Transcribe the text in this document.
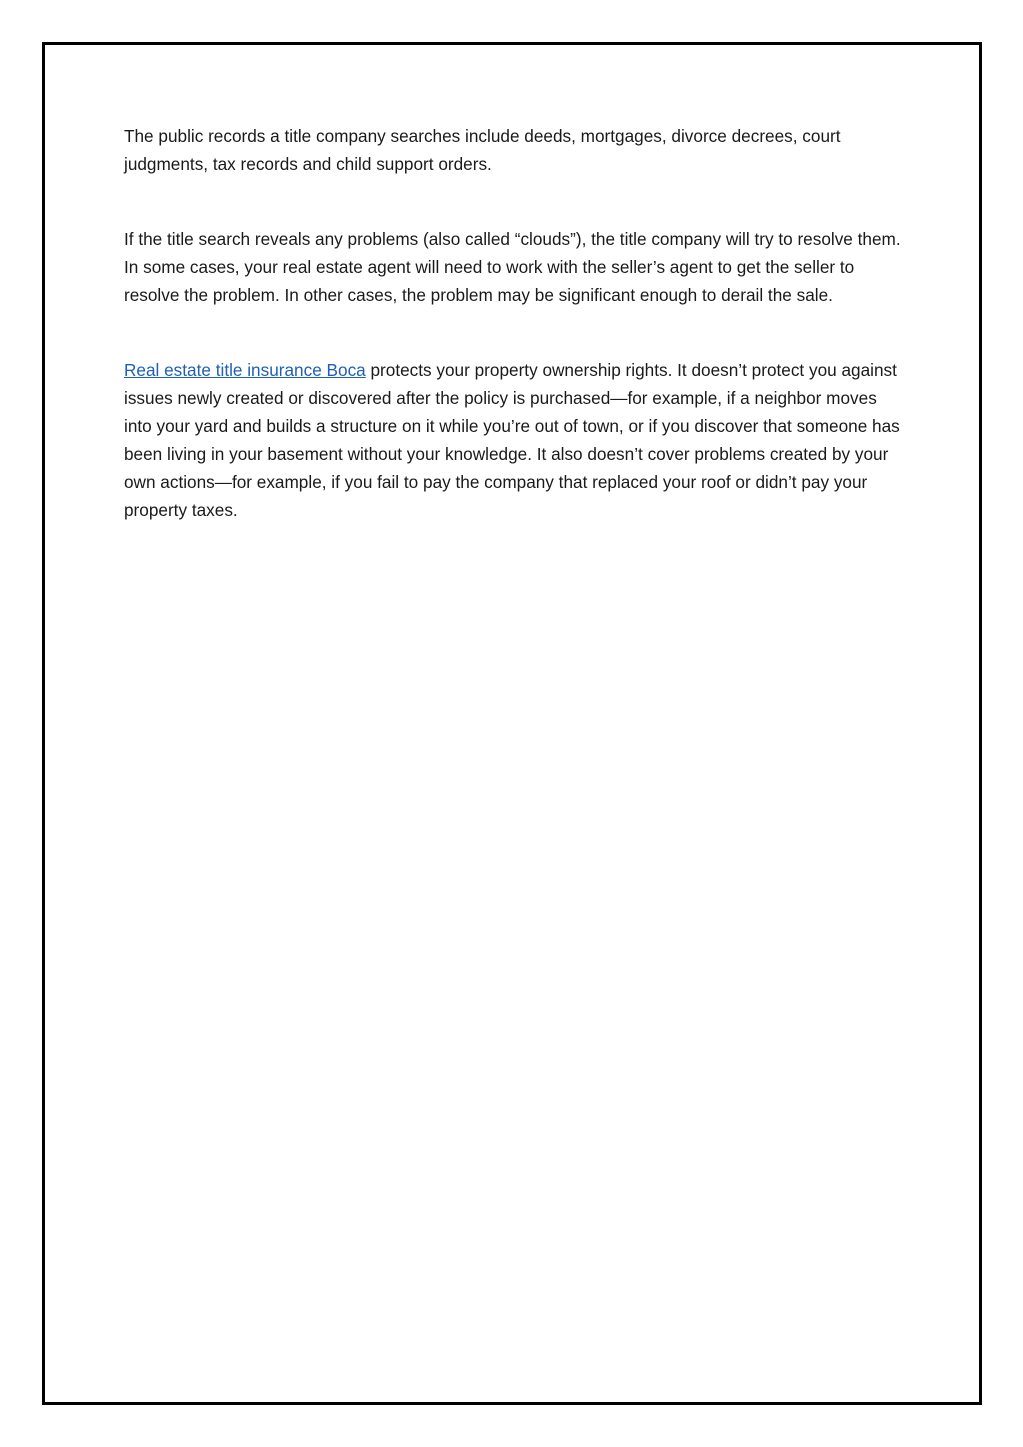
The public records a title company searches include deeds, mortgages, divorce decrees, court judgments, tax records and child support orders.

If the title search reveals any problems (also called “clouds”), the title company will try to resolve them. In some cases, your real estate agent will need to work with the seller’s agent to get the seller to resolve the problem. In other cases, the problem may be significant enough to derail the sale.

Real estate title insurance Boca protects your property ownership rights. It doesn’t protect you against issues newly created or discovered after the policy is purchased—for example, if a neighbor moves into your yard and builds a structure on it while you’re out of town, or if you discover that someone has been living in your basement without your knowledge. It also doesn’t cover problems created by your own actions—for example, if you fail to pay the company that replaced your roof or didn’t pay your property taxes.
